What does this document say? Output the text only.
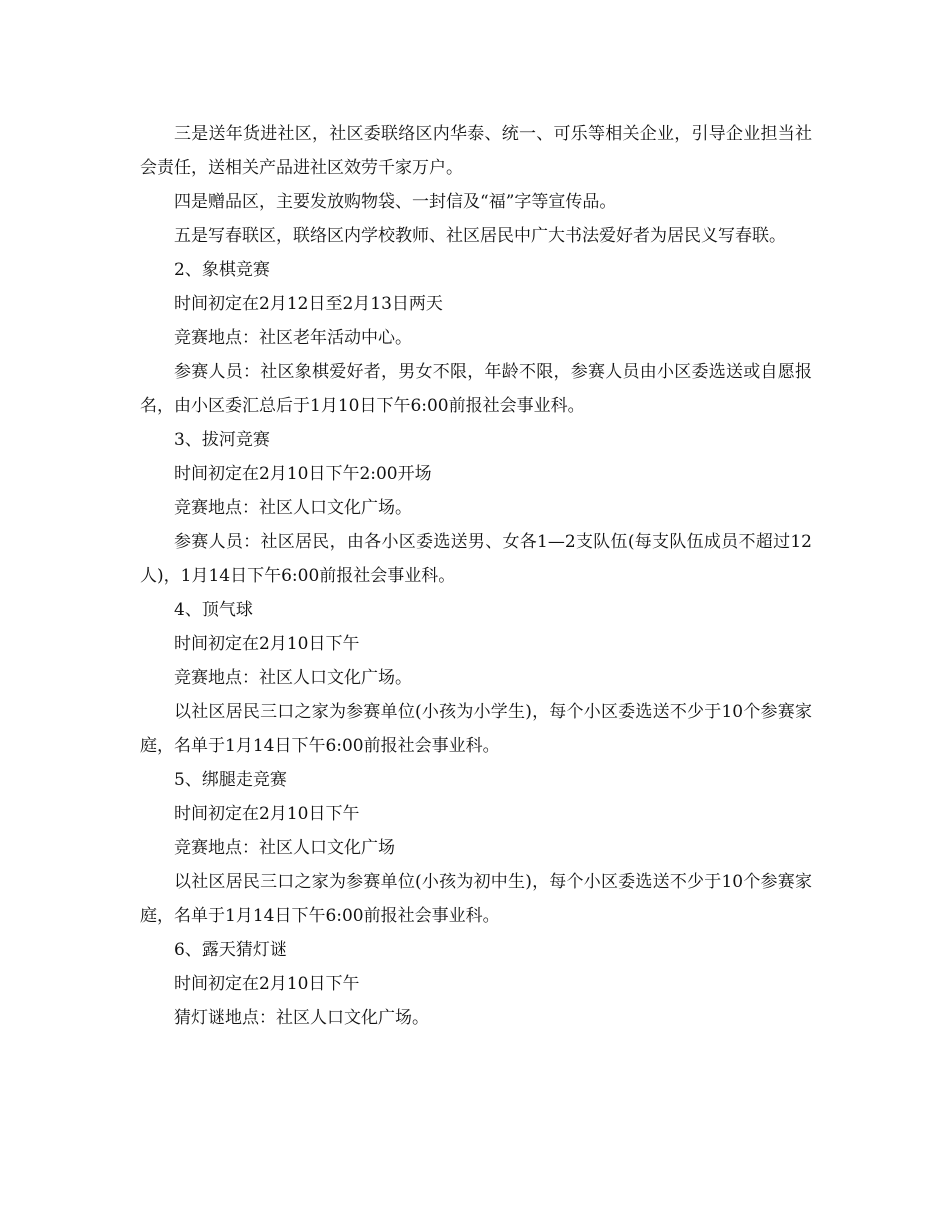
三是送年货进社区，社区委联络区内华泰、统一、可乐等相关企业，引导企业担当社会责任，送相关产品进社区效劳千家万户。

四是赠品区，主要发放购物袋、一封信及“福”字等宣传品。

五是写春联区，联络区内学校教师、社区居民中广大书法爱好者为居民义写春联。

2、象棋竞赛

时间初定在2月12日至2月13日两天

竞赛地点：社区老年活动中心。

参赛人员：社区象棋爱好者，男女不限，年龄不限，参赛人员由小区委选送或自愿报名，由小区委汇总后于1月10日下午6:00前报社会事业科。

3、拔河竞赛

时间初定在2月10日下午2:00开场

竞赛地点：社区人口文化广场。

参赛人员：社区居民，由各小区委选送男、女各1—2支队伍(每支队伍成员不超过12人)，1月14日下午6:00前报社会事业科。

4、顶气球

时间初定在2月10日下午

竞赛地点：社区人口文化广场。

以社区居民三口之家为参赛单位(小孩为小学生)，每个小区委选送不少于10个参赛家庭，名单于1月14日下午6:00前报社会事业科。

5、绑腿走竞赛

时间初定在2月10日下午

竞赛地点：社区人口文化广场

以社区居民三口之家为参赛单位(小孩为初中生)，每个小区委选送不少于10个参赛家庭，名单于1月14日下午6:00前报社会事业科。

6、露天猜灯谜

时间初定在2月10日下午

猜灯谜地点：社区人口文化广场。
